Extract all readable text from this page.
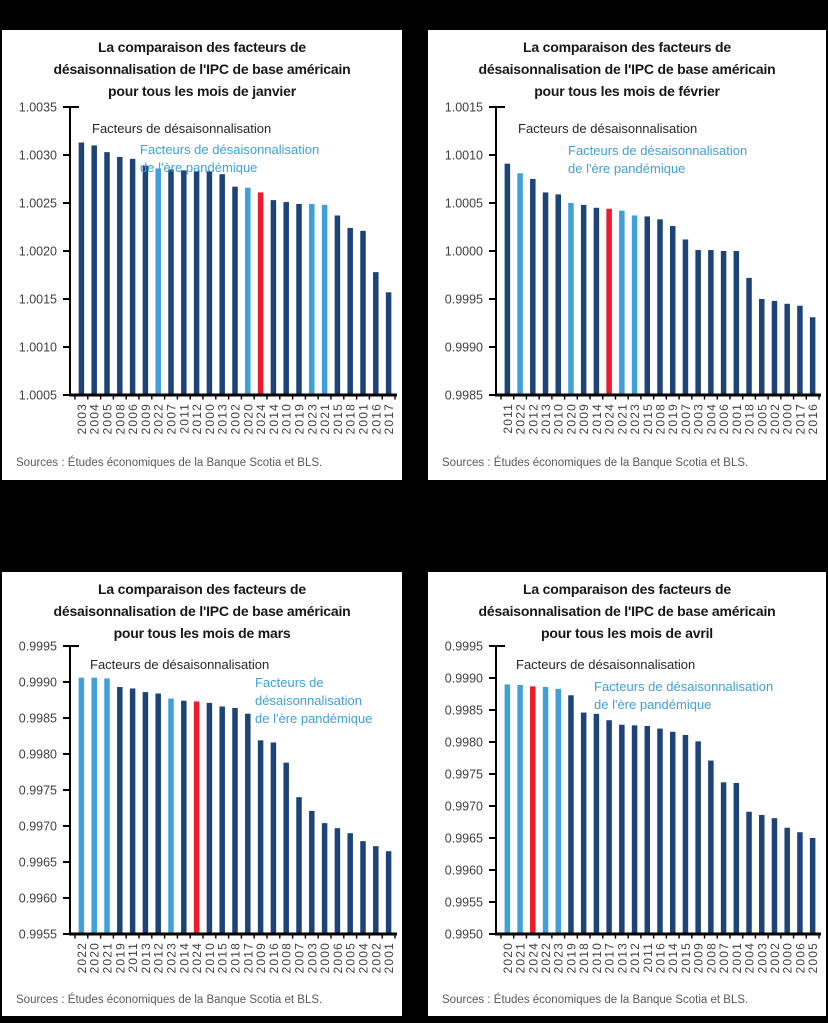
La comparaison des facteurs de
désaisonnalisation de l'IPC de base américain
pour tous les mois de janvier
1.0035
1.0030
1.0025
1.0020
1.0015
1.0010
1.0005
2003
2004
2005
2008
2006
2009
2022
2007
2011
2012
2000
2013
2002
2020
2024
2014
2010
2019
2023
2021
2015
2018
2001
2016
2017
Facteurs de désaisonnalisation
Facteurs de désaisonnalisation
de l'ère pandémique
Sources : Études économiques de la Banque Scotia et BLS.
La comparaison des facteurs de
désaisonnalisation de l'IPC de base américain
pour tous les mois de février
1.0015
1.0010
1.0005
1.0000
0.9995
0.9990
0.9985
2011
2022
2012
2013
2010
2020
2009
2014
2024
2021
2023
2015
2008
2019
2007
2003
2004
2006
2001
2018
2005
2002
2000
2017
2016
Facteurs de désaisonnalisation
Facteurs de désaisonnalisation
de l'ère pandémique
Sources : Études économiques de la Banque Scotia et BLS.
La comparaison des facteurs de
désaisonnalisation de l'IPC de base américain
pour tous les mois de mars
0.9995
0.9990
0.9985
0.9980
0.9975
0.9970
0.9965
0.9960
0.9955
2022
2020
2021
2019
2011
2013
2012
2023
2014
2024
2010
2015
2018
2017
2009
2016
2008
2007
2003
2000
2006
2005
2004
2002
2001
Facteurs de désaisonnalisation
Facteurs de
désaisonnalisation
de l'ère pandémique
Sources : Études économiques de la Banque Scotia et BLS.
La comparaison des facteurs de
désaisonnalisation de l'IPC de base américain
pour tous les mois de avril
0.9995
0.9990
0.9985
0.9980
0.9975
0.9970
0.9965
0.9960
0.9955
0.9950
2020
2021
2024
2022
2023
2019
2018
2010
2017
2013
2012
2011
2016
2014
2015
2009
2008
2007
2001
2004
2003
2002
2000
2006
2005
Facteurs de désaisonnalisation
Facteurs de désaisonnalisation
de l'ère pandémique
Sources : Études économiques de la Banque Scotia et BLS.
